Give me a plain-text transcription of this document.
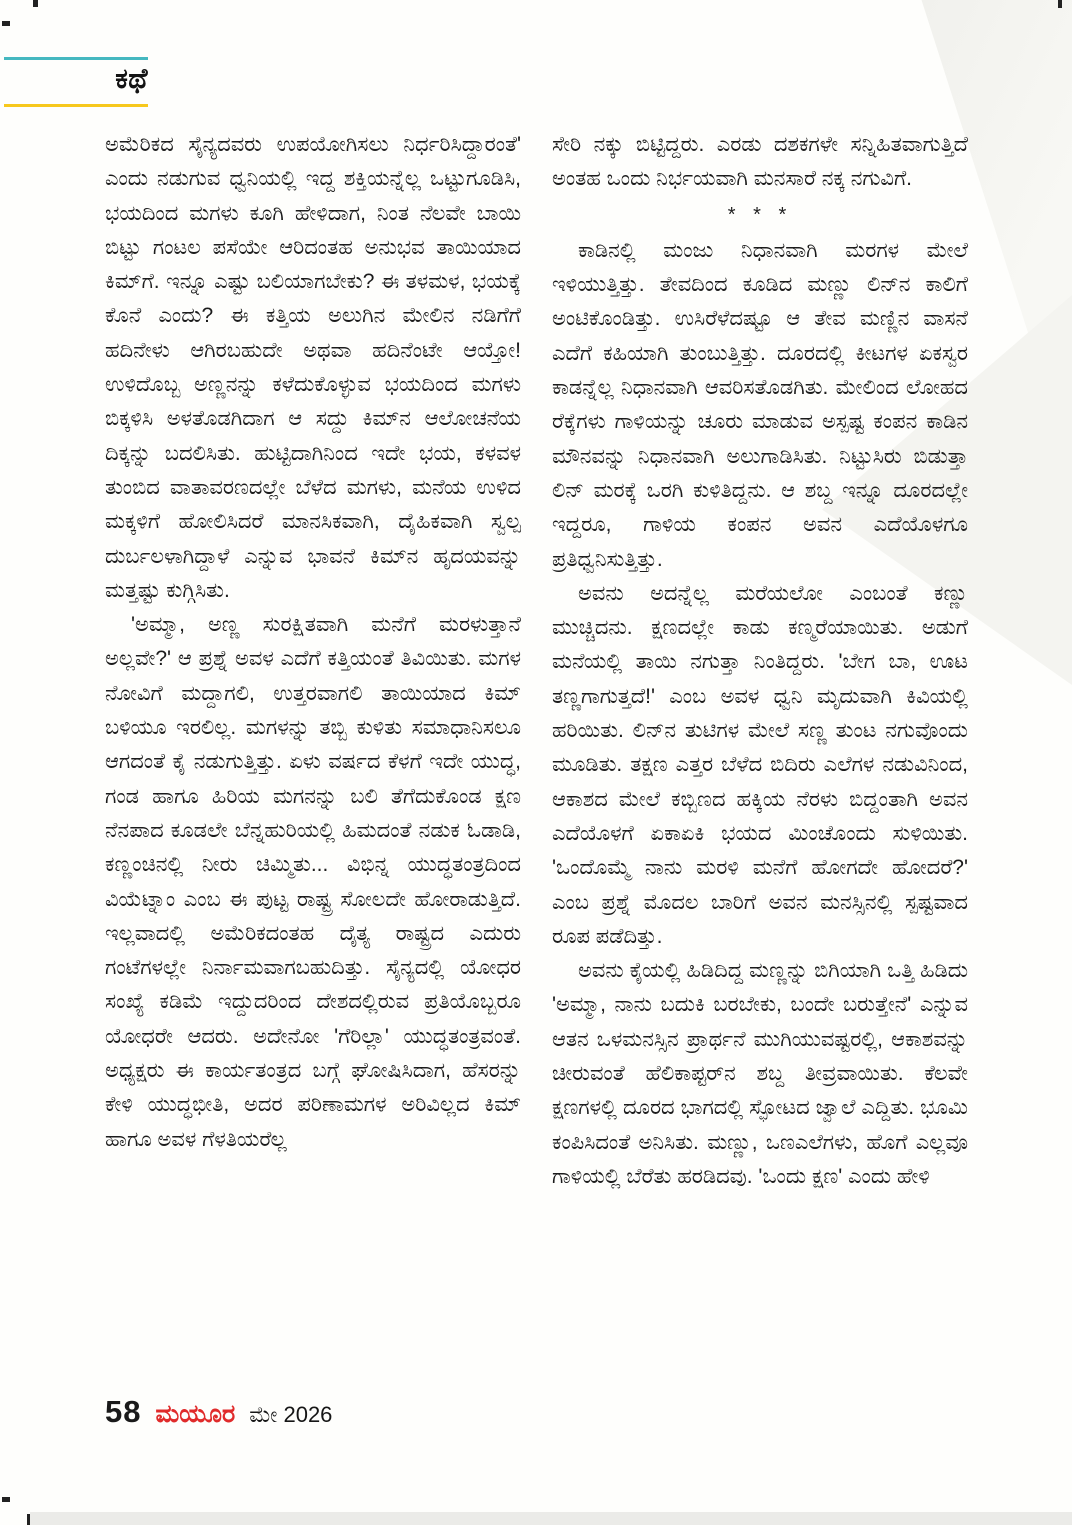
ಕಥೆ

ಅಮೆರಿಕದ ಸೈನ್ಯದವರು ಉಪಯೋಗಿಸಲು ನಿರ್ಧರಿಸಿದ್ದಾರಂತೆ' ಎಂದು ನಡುಗುವ ಧ್ವನಿಯಲ್ಲಿ ಇದ್ದ ಶಕ್ತಿಯನ್ನೆಲ್ಲ ಒಟ್ಟುಗೂಡಿಸಿ, ಭಯದಿಂದ ಮಗಳು ಕೂಗಿ ಹೇಳಿದಾಗ, ನಿಂತ ನೆಲವೇ ಬಾಯಿ ಬಿಟ್ಟು ಗಂಟಲ ಪಸೆಯೇ ಆರಿದಂತಹ ಅನುಭವ ತಾಯಿಯಾದ ಕಿಮ್‌ಗೆ. ಇನ್ನೂ ಎಷ್ಟು ಬಲಿಯಾಗಬೇಕು? ಈ ತಳಮಳ, ಭಯಕ್ಕೆ ಕೊನೆ ಎಂದು? ಈ ಕತ್ತಿಯ ಅಲುಗಿನ ಮೇಲಿನ ನಡಿಗೆಗೆ ಹದಿನೇಳು ಆಗಿರಬಹುದೇ ಅಥವಾ ಹದಿನೆಂಟೇ ಆಯ್ತೋ! ಉಳಿದೊಬ್ಬ ಅಣ್ಣನನ್ನು ಕಳೆದುಕೊಳ್ಳುವ ಭಯದಿಂದ ಮಗಳು ಬಿಕ್ಕಳಿಸಿ ಅಳತೊಡಗಿದಾಗ ಆ ಸದ್ದು ಕಿಮ್‌ನ ಆಲೋಚನೆಯ ದಿಕ್ಕನ್ನು ಬದಲಿಸಿತು. ಹುಟ್ಟಿದಾಗಿನಿಂದ ಇದೇ ಭಯ, ಕಳವಳ ತುಂಬಿದ ವಾತಾವರಣದಲ್ಲೇ ಬೆಳೆದ ಮಗಳು, ಮನೆಯ ಉಳಿದ ಮಕ್ಕಳಿಗೆ ಹೋಲಿಸಿದರೆ ಮಾನಸಿಕವಾಗಿ, ದೈಹಿಕವಾಗಿ ಸ್ವಲ್ಪ ದುರ್ಬಲಳಾಗಿದ್ದಾಳೆ ಎನ್ನುವ ಭಾವನೆ ಕಿಮ್‌ನ ಹೃದಯವನ್ನು ಮತ್ತಷ್ಟು ಕುಗ್ಗಿಸಿತು.

'ಅಮ್ಮಾ, ಅಣ್ಣ ಸುರಕ್ಷಿತವಾಗಿ ಮನೆಗೆ ಮರಳುತ್ತಾನೆ ಅಲ್ಲವೇ?' ಆ ಪ್ರಶ್ನೆ ಅವಳ ಎದೆಗೆ ಕತ್ತಿಯಂತೆ ತಿವಿಯಿತು. ಮಗಳ ನೋವಿಗೆ ಮದ್ದಾಗಲಿ, ಉತ್ತರವಾಗಲಿ ತಾಯಿಯಾದ ಕಿಮ್ ಬಳಿಯೂ ಇರಲಿಲ್ಲ. ಮಗಳನ್ನು ತಬ್ಬಿ ಕುಳಿತು ಸಮಾಧಾನಿಸಲೂ ಆಗದಂತೆ ಕೈ ನಡುಗುತ್ತಿತ್ತು. ಏಳು ವರ್ಷದ ಕೆಳಗೆ ಇದೇ ಯುದ್ಧ, ಗಂಡ ಹಾಗೂ ಹಿರಿಯ ಮಗನನ್ನು ಬಲಿ ತೆಗೆದುಕೊಂಡ ಕ್ಷಣ ನೆನಪಾದ ಕೂಡಲೇ ಬೆನ್ನಹುರಿಯಲ್ಲಿ ಹಿಮದಂತೆ ನಡುಕ ಓಡಾಡಿ, ಕಣ್ಣಂಚಿನಲ್ಲಿ ನೀರು ಚಿಮ್ಮಿತು... ವಿಭಿನ್ನ ಯುದ್ಧತಂತ್ರದಿಂದ ವಿಯೆಟ್ನಾಂ ಎಂಬ ಈ ಪುಟ್ಟ ರಾಷ್ಟ್ರ ಸೋಲದೇ ಹೋರಾಡುತ್ತಿದೆ. ಇಲ್ಲವಾದಲ್ಲಿ ಅಮೆರಿಕದಂತಹ ದೈತ್ಯ ರಾಷ್ಟ್ರದ ಎದುರು ಗಂಟೆಗಳಲ್ಲೇ ನಿರ್ನಾಮವಾಗಬಹುದಿತ್ತು. ಸೈನ್ಯದಲ್ಲಿ ಯೋಧರ ಸಂಖ್ಯೆ ಕಡಿಮೆ ಇದ್ದುದರಿಂದ ದೇಶದಲ್ಲಿರುವ ಪ್ರತಿಯೊಬ್ಬರೂ ಯೋಧರೇ ಆದರು. ಅದೇನೋ 'ಗೆರಿಲ್ಲಾ' ಯುದ್ಧತಂತ್ರವಂತೆ. ಅಧ್ಯಕ್ಷರು ಈ ಕಾರ್ಯತಂತ್ರದ ಬಗ್ಗೆ ಘೋಷಿಸಿದಾಗ, ಹೆಸರನ್ನು ಕೇಳಿ ಯುದ್ಧಭೀತಿ, ಅದರ ಪರಿಣಾಮಗಳ ಅರಿವಿಲ್ಲದ ಕಿಮ್ ಹಾಗೂ ಅವಳ ಗೆಳತಿಯರೆಲ್ಲ

ಸೇರಿ ನಕ್ಕು ಬಿಟ್ಟಿದ್ದರು. ಎರಡು ದಶಕಗಳೇ ಸನ್ನಿಹಿತವಾಗುತ್ತಿದೆ ಅಂತಹ ಒಂದು ನಿರ್ಭಯವಾಗಿ ಮನಸಾರೆ ನಕ್ಕ ನಗುವಿಗೆ.

* * *

ಕಾಡಿನಲ್ಲಿ ಮಂಜು ನಿಧಾನವಾಗಿ ಮರಗಳ ಮೇಲೆ ಇಳಿಯುತ್ತಿತ್ತು. ತೇವದಿಂದ ಕೂಡಿದ ಮಣ್ಣು ಲಿನ್‌ನ ಕಾಲಿಗೆ ಅಂಟಿಕೊಂಡಿತ್ತು. ಉಸಿರೆಳೆದಷ್ಟೂ ಆ ತೇವ ಮಣ್ಣಿನ ವಾಸನೆ ಎದೆಗೆ ಕಹಿಯಾಗಿ ತುಂಬುತ್ತಿತ್ತು. ದೂರದಲ್ಲಿ ಕೀಟಗಳ ಏಕಸ್ವರ ಕಾಡನ್ನೆಲ್ಲ ನಿಧಾನವಾಗಿ ಆವರಿಸತೊಡಗಿತು. ಮೇಲಿಂದ ಲೋಹದ ರೆಕ್ಕೆಗಳು ಗಾಳಿಯನ್ನು ಚೂರು ಮಾಡುವ ಅಸ್ಪಷ್ಟ ಕಂಪನ ಕಾಡಿನ ಮೌನವನ್ನು ನಿಧಾನವಾಗಿ ಅಲುಗಾಡಿಸಿತು. ನಿಟ್ಟುಸಿರು ಬಿಡುತ್ತಾ ಲಿನ್ ಮರಕ್ಕೆ ಒರಗಿ ಕುಳಿತಿದ್ದನು. ಆ ಶಬ್ದ ಇನ್ನೂ ದೂರದಲ್ಲೇ ಇದ್ದರೂ, ಗಾಳಿಯ ಕಂಪನ ಅವನ ಎದೆಯೊಳಗೂ ಪ್ರತಿಧ್ವನಿಸುತ್ತಿತ್ತು.

ಅವನು ಅದನ್ನೆಲ್ಲ ಮರೆಯಲೋ ಎಂಬಂತೆ ಕಣ್ಣು ಮುಚ್ಚಿದನು. ಕ್ಷಣದಲ್ಲೇ ಕಾಡು ಕಣ್ಮರೆಯಾಯಿತು. ಅಡುಗೆ ಮನೆಯಲ್ಲಿ ತಾಯಿ ನಗುತ್ತಾ ನಿಂತಿದ್ದರು. 'ಬೇಗ ಬಾ, ಊಟ ತಣ್ಣಗಾಗುತ್ತದೆ!' ಎಂಬ ಅವಳ ಧ್ವನಿ ಮೃದುವಾಗಿ ಕಿವಿಯಲ್ಲಿ ಹರಿಯಿತು. ಲಿನ್‌ನ ತುಟಿಗಳ ಮೇಲೆ ಸಣ್ಣ ತುಂಟ ನಗುವೊಂದು ಮೂಡಿತು. ತಕ್ಷಣ ಎತ್ತರ ಬೆಳೆದ ಬಿದಿರು ಎಲೆಗಳ ನಡುವಿನಿಂದ, ಆಕಾಶದ ಮೇಲೆ ಕಬ್ಬಿಣದ ಹಕ್ಕಿಯ ನೆರಳು ಬಿದ್ದಂತಾಗಿ ಅವನ ಎದೆಯೊಳಗೆ ಏಕಾಏಕಿ ಭಯದ ಮಿಂಚೊಂದು ಸುಳಿಯಿತು. 'ಒಂದೊಮ್ಮೆ ನಾನು ಮರಳಿ ಮನೆಗೆ ಹೋಗದೇ ಹೋದರೆ?' ಎಂಬ ಪ್ರಶ್ನೆ ಮೊದಲ ಬಾರಿಗೆ ಅವನ ಮನಸ್ಸಿನಲ್ಲಿ ಸ್ಪಷ್ಟವಾದ ರೂಪ ಪಡೆದಿತ್ತು.

ಅವನು ಕೈಯಲ್ಲಿ ಹಿಡಿದಿದ್ದ ಮಣ್ಣನ್ನು ಬಿಗಿಯಾಗಿ ಒತ್ತಿ ಹಿಡಿದು 'ಅಮ್ಮಾ, ನಾನು ಬದುಕಿ ಬರಬೇಕು, ಬಂದೇ ಬರುತ್ತೇನೆ' ಎನ್ನುವ ಆತನ ಒಳಮನಸ್ಸಿನ ಪ್ರಾರ್ಥನೆ ಮುಗಿಯುವಷ್ಟರಲ್ಲಿ, ಆಕಾಶವನ್ನು ಚೀರುವಂತೆ ಹೆಲಿಕಾಪ್ಟರ್‌ನ ಶಬ್ದ ತೀವ್ರವಾಯಿತು. ಕೆಲವೇ ಕ್ಷಣಗಳಲ್ಲಿ ದೂರದ ಭಾಗದಲ್ಲಿ ಸ್ಫೋಟದ ಜ್ವಾಲೆ ಎದ್ದಿತು. ಭೂಮಿ ಕಂಪಿಸಿದಂತೆ ಅನಿಸಿತು. ಮಣ್ಣು, ಒಣಎಲೆಗಳು, ಹೊಗೆ ಎಲ್ಲವೂ ಗಾಳಿಯಲ್ಲಿ ಬೆರೆತು ಹರಡಿದವು. 'ಒಂದು ಕ್ಷಣ' ಎಂದು ಹೇಳಿ

58 ಮಯೂರ ಮೇ 2026
